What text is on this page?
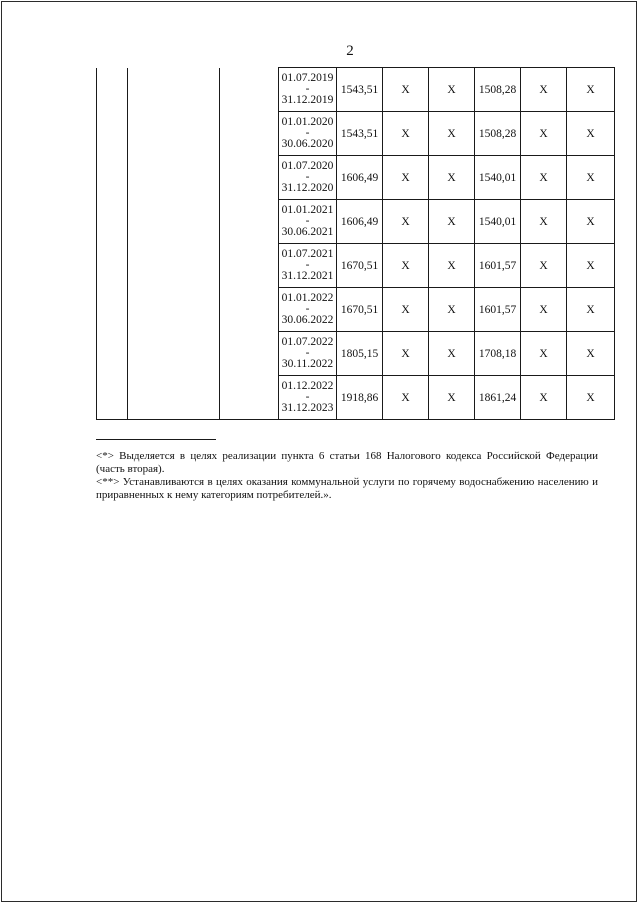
2

			01.07.2019
-
31.12.2019	1543,51	X	X	1508,28	X	X

			01.01.2020
-
30.06.2020	1543,51	X	X	1508,28	X	X

			01.07.2020
-
31.12.2020	1606,49	X	X	1540,01	X	X

			01.01.2021
-
30.06.2021	1606,49	X	X	1540,01	X	X

			01.07.2021
-
31.12.2021	1670,51	X	X	1601,57	X	X

			01.01.2022
-
30.06.2022	1670,51	X	X	1601,57	X	X

			01.07.2022
-
30.11.2022	1805,15	X	X	1708,18	X	X

			01.12.2022
-
31.12.2023	1918,86	X	X	1861,24	X	X

<*> Выделяется в целях реализации пункта 6 статьи 168 Налогового кодекса Российской Федерации (часть вторая).

<**> Устанавливаются в целях оказания коммунальной услуги по горячему водоснабжению населению и приравненных к нему категориям потребителей.».
